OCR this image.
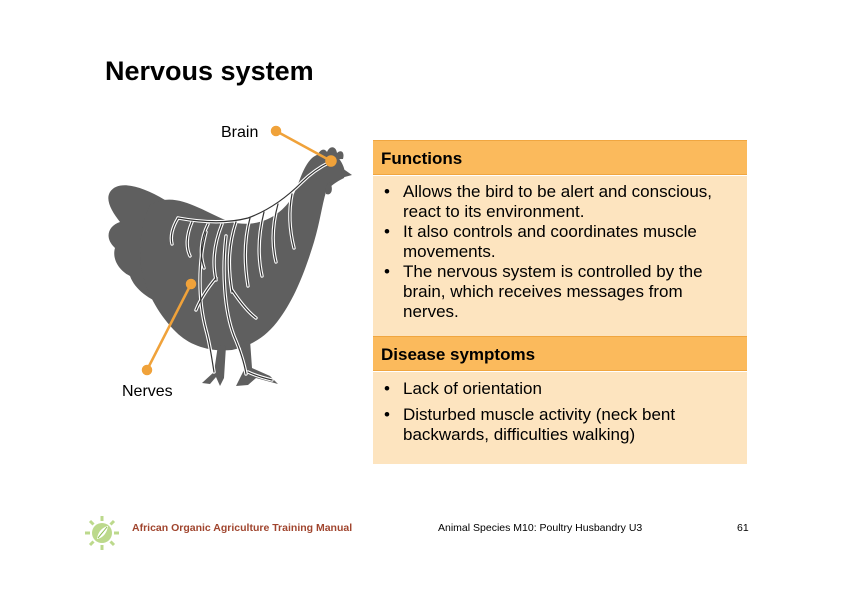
Nervous system
Brain
Nerves
Functions
• Allows the bird to be alert and conscious, react to its environment.
• It also controls and coordinates muscle movements.
• The nervous system is controlled by the brain, which receives messages from nerves.
Disease symptoms
• Lack of orientation
• Disturbed muscle activity (neck bent backwards, difficulties walking)
African Organic Agriculture Training Manual	Animal Species M10: Poultry Husbandry U3	61
